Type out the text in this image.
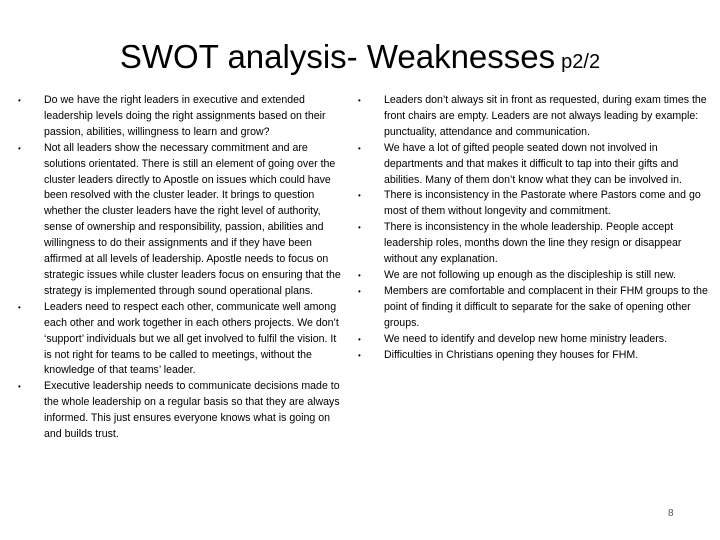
SWOT analysis- Weaknesses p2/2
• Do we have the right leaders in executive and extended leadership levels doing the right assignments based on their passion, abilities, willingness to learn and grow?
• Not all leaders show the necessary commitment and are solutions orientated. There is still an element of going over the cluster leaders directly to Apostle on issues which could have been resolved with the cluster leader. It brings to question whether the cluster leaders have the right level of authority, sense of ownership and responsibility, passion, abilities and willingness to do their assignments and if they have been affirmed at all levels of leadership. Apostle needs to focus on strategic issues while cluster leaders focus on ensuring that the strategy is implemented through sound operational plans.
• Leaders need to respect each other, communicate well among each other and work together in each others projects. We don’t ‘support’ individuals but we all get involved to fulfil the vision. It is not right for teams to be called to meetings, without the knowledge of that teams’ leader.
• Executive leadership needs to communicate decisions made to the whole leadership on a regular basis so that they are always informed. This just ensures everyone knows what is going on and builds trust.
• Leaders don’t always sit in front as requested, during exam times the front chairs are empty. Leaders are not always leading by example: punctuality, attendance and communication.
• We have a lot of gifted people seated down not involved in departments and that makes it difficult to tap into their gifts and abilities. Many of them don’t know what they can be involved in.
• There is inconsistency in the Pastorate where Pastors come and go most of them without longevity and commitment.
• There is inconsistency in the whole leadership. People accept leadership roles, months down the line they resign or disappear without any explanation.
• We are not following up enough as the discipleship is still new.
• Members are comfortable and complacent in their FHM groups to the point of finding it difficult to separate for the sake of opening other groups.
• We need to identify and develop new home ministry leaders.
• Difficulties in Christians opening they houses for FHM.
8
